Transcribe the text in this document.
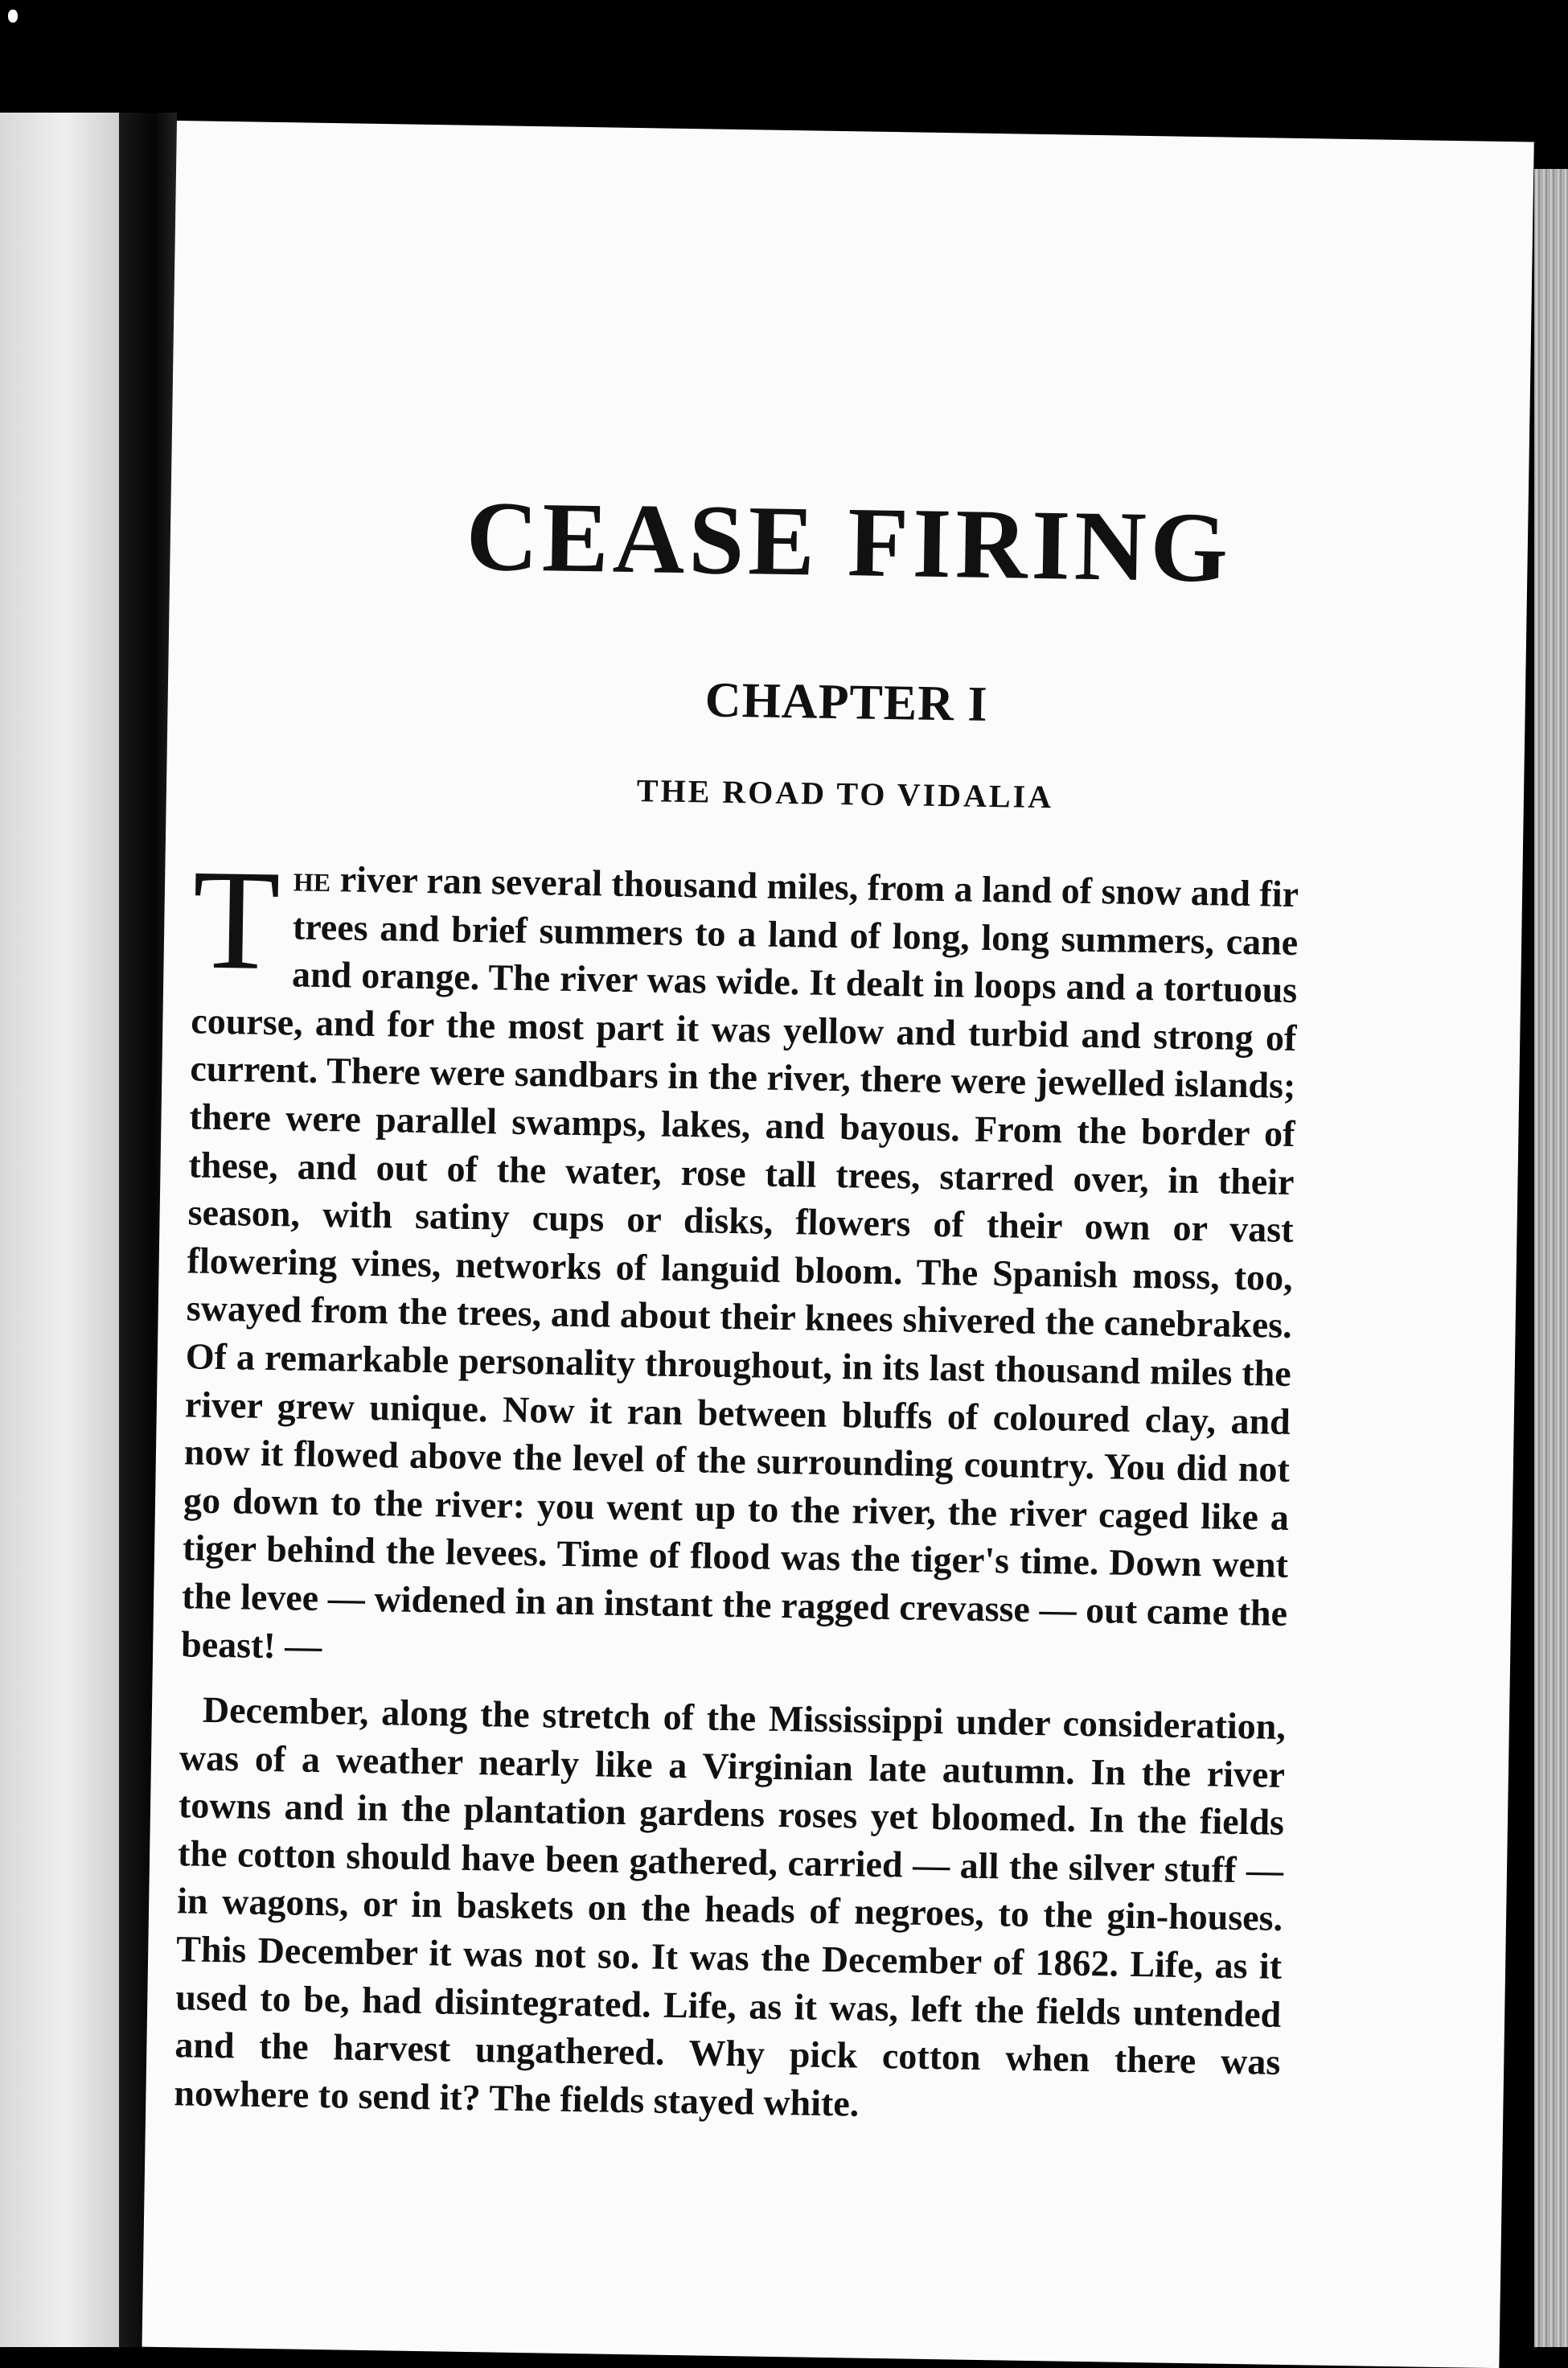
CEASE FIRING
CHAPTER I
THE ROAD TO VIDALIA

The river ran several thousand miles, from a land of snow and fir trees and brief summers to a land of long, long summers, cane and orange. The river was wide. It dealt in loops and a tortuous course, and for the most part it was yellow and turbid and strong of current. There were sandbars in the river, there were jewelled islands; there were parallel swamps, lakes, and bayous. From the border of these, and out of the water, rose tall trees, starred over, in their season, with satiny cups or disks, flowers of their own or vast flowering vines, networks of languid bloom. The Spanish moss, too, swayed from the trees, and about their knees shivered the canebrakes. Of a remarkable personality throughout, in its last thousand miles the river grew unique. Now it ran between bluffs of coloured clay, and now it flowed above the level of the surrounding country. You did not go down to the river: you went up to the river, the river caged like a tiger behind the levees. Time of flood was the tiger's time. Down went the levee — widened in an instant the ragged crevasse — out came the beast! —

December, along the stretch of the Mississippi under consideration, was of a weather nearly like a Virginian late autumn. In the river towns and in the plantation gardens roses yet bloomed. In the fields the cotton should have been gathered, carried — all the silver stuff — in wagons, or in baskets on the heads of negroes, to the gin-houses. This December it was not so. It was the December of 1862. Life, as it used to be, had disintegrated. Life, as it was, left the fields untended and the harvest ungathered. Why pick cotton when there was nowhere to send it? The fields stayed white.
